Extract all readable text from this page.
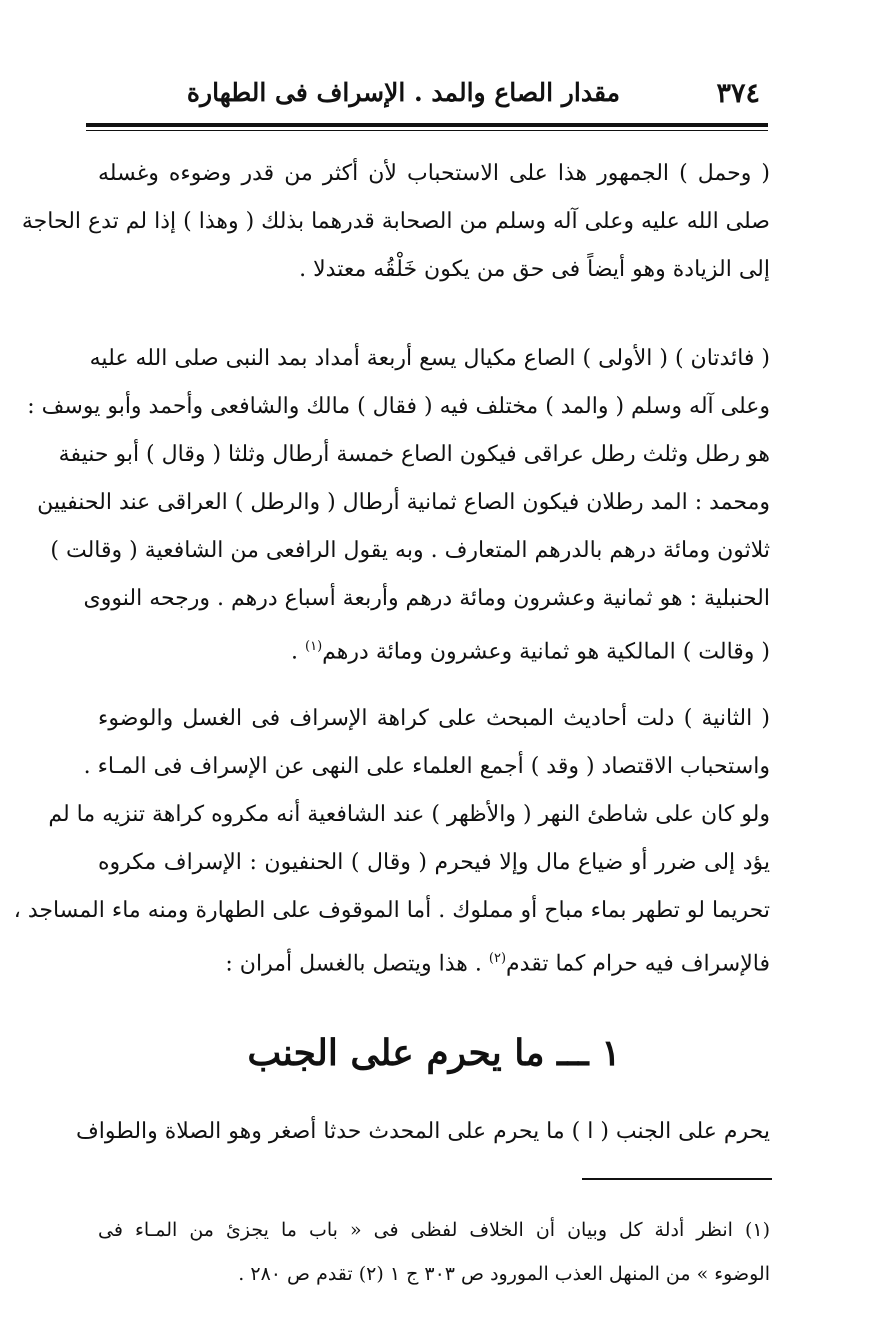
٣٧٤
مقدار الصاع والمد . الإسراف فى الطهارة
( وحمل ) الجمهور هذا على الاستحباب لأن أكثر من قدر وضوءه وغسله
صلى الله عليه وعلى آله وسلم من الصحابة قدرهما بذلك ( وهذا ) إذا لم تدع الحاجة
إلى الزيادة وهو أيضاً فى حق من يكون خَلْقُه معتدلا .
( فائدتان ) ( الأولى ) الصاع مكيال يسع أربعة أمداد بمد النبى صلى الله عليه
وعلى آله وسلم ( والمد ) مختلف فيه ( فقال ) مالك والشافعى وأحمد وأبو يوسف :
هو رطل وثلث رطل عراقى فيكون الصاع خمسة أرطال وثلثا ( وقال ) أبو حنيفة
ومحمد : المد رطلان فيكون الصاع ثمانية أرطال ( والرطل ) العراقى عند الحنفيين
ثلاثون ومائة درهم بالدرهم المتعارف . وبه يقول الرافعى من الشافعية ( وقالت )
الحنبلية : هو ثمانية وعشرون ومائة درهم وأربعة أسباع درهم . ورجحه النووى
( وقالت ) المالكية هو ثمانية وعشرون ومائة درهم$^{(١)}$ .
( الثانية ) دلت أحاديث المبحث على كراهة الإسراف فى الغسل والوضوء
واستحباب الاقتصاد ( وقد ) أجمع العلماء على النهى عن الإسراف فى المـاء .
ولو كان على شاطئ النهر ( والأظهر ) عند الشافعية أنه مكروه كراهة تنزيه ما لم
يؤد إلى ضرر أو ضياع مال وإلا فيحرم ( وقال ) الحنفيون : الإسراف مكروه
تحريما لو تطهر بماء مباح أو مملوك . أما الموقوف على الطهارة ومنه ماء المساجد ،
فالإسراف فيه حرام كما تقدم$^{(٢)}$ . هذا ويتصل بالغسل أمران :
١ ـــ ما يحرم على الجنب
يحرم على الجنب ( ا ) ما يحرم على المحدث حدثا أصغر وهو الصلاة والطواف
(١) انظر أدلة كل وبيان أن الخلاف لفظى فى « باب ما يجزئ من المـاء فى
الوضوء » من المنهل العذب المورود ص ٣٠٣ ج ١ (٢) تقدم ص ٢٨٠ .
